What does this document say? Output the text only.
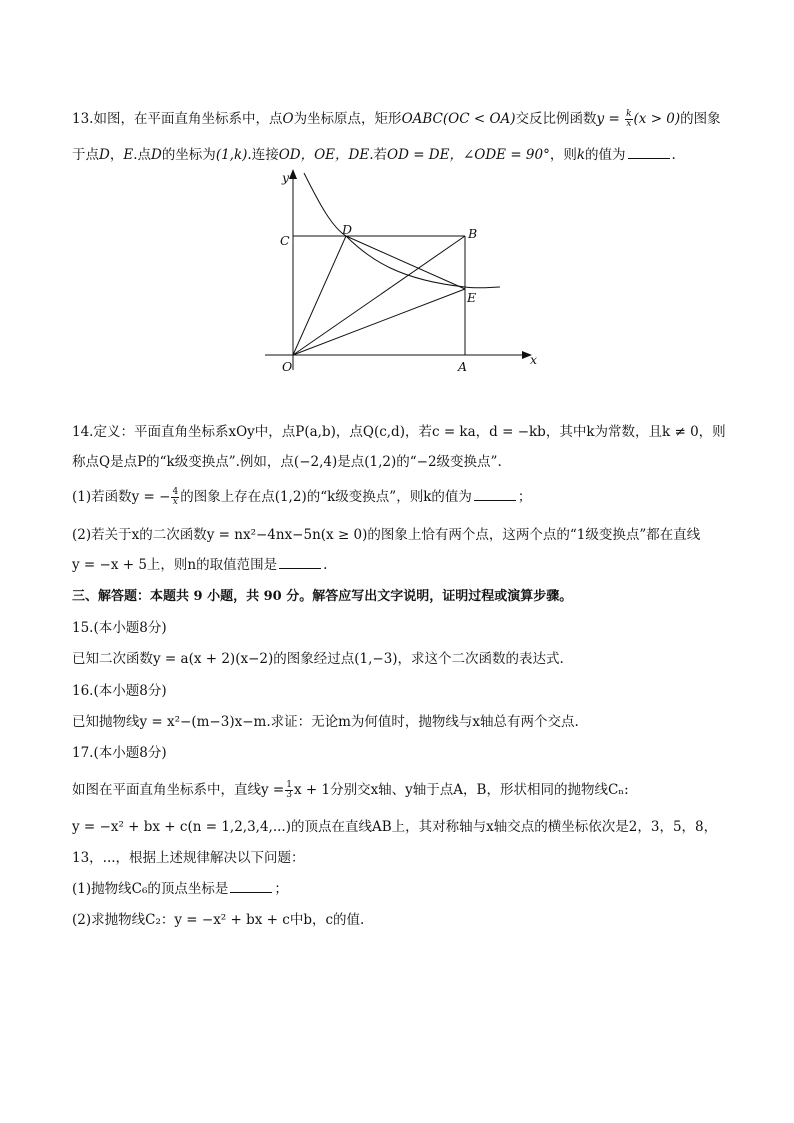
13.如图，在平面直角坐标系中，点O为坐标原点，矩形OABC(OC < OA)交反比例函数$y = \frac{k}{x} (x > 0)$的图象
于点D，E.点D的坐标为(1,k).连接OD，OE，DE.若OD = DE，∠ODE = 90°，则k的值为	.
y
x
O	A
B
C
D
E
14.定义：平面直角坐标系xOy中，点P(a,b)，点Q(c,d)，若c = ka，d = −kb，其中k为常数，且k ≠ 0，则
称点Q是点P的“k级变换点”.例如，点(−2,4)是点(1,2)的“−2级变换点”.
(1)若函数y = − $\frac{4}{x}$ 的图象上存在点(1,2)的“k级变换点”，则k的值为	；
(2)若关于x的二次函数y = nx²−4nx−5n(x ≥ 0)的图象上恰有两个点，这两个点的“1级变换点”都在直线
y = −x + 5上，则n的取值范围是	.
三、解答题：本题共 9 小题，共 90 分。解答应写出文字说明，证明过程或演算步骤。
15.(本小题8分)
已知二次函数y = a(x + 2)(x−2)的图象经过点(1,−3)，求这个二次函数的表达式.
16.(本小题8分)
已知抛物线y = x²−(m−3)x−m.求证：无论m为何值时，抛物线与x轴总有两个交点.
17.(本小题8分)
如图在平面直角坐标系中，直线$y = \frac{1}{3}$ x + 1分别交x轴、y轴于点A，B，形状相同的抛物线Cₙ:
y = −x² + bx + c(n = 1,2,3,4,...)的顶点在直线AB上，其对称轴与x轴交点的横坐标依次是2，3，5，8，
13，...，根据上述规律解决以下问题：
(1)抛物线C₆的顶点坐标是	；
(2)求抛物线C₂：y = −x² + bx + c中b，c的值.
